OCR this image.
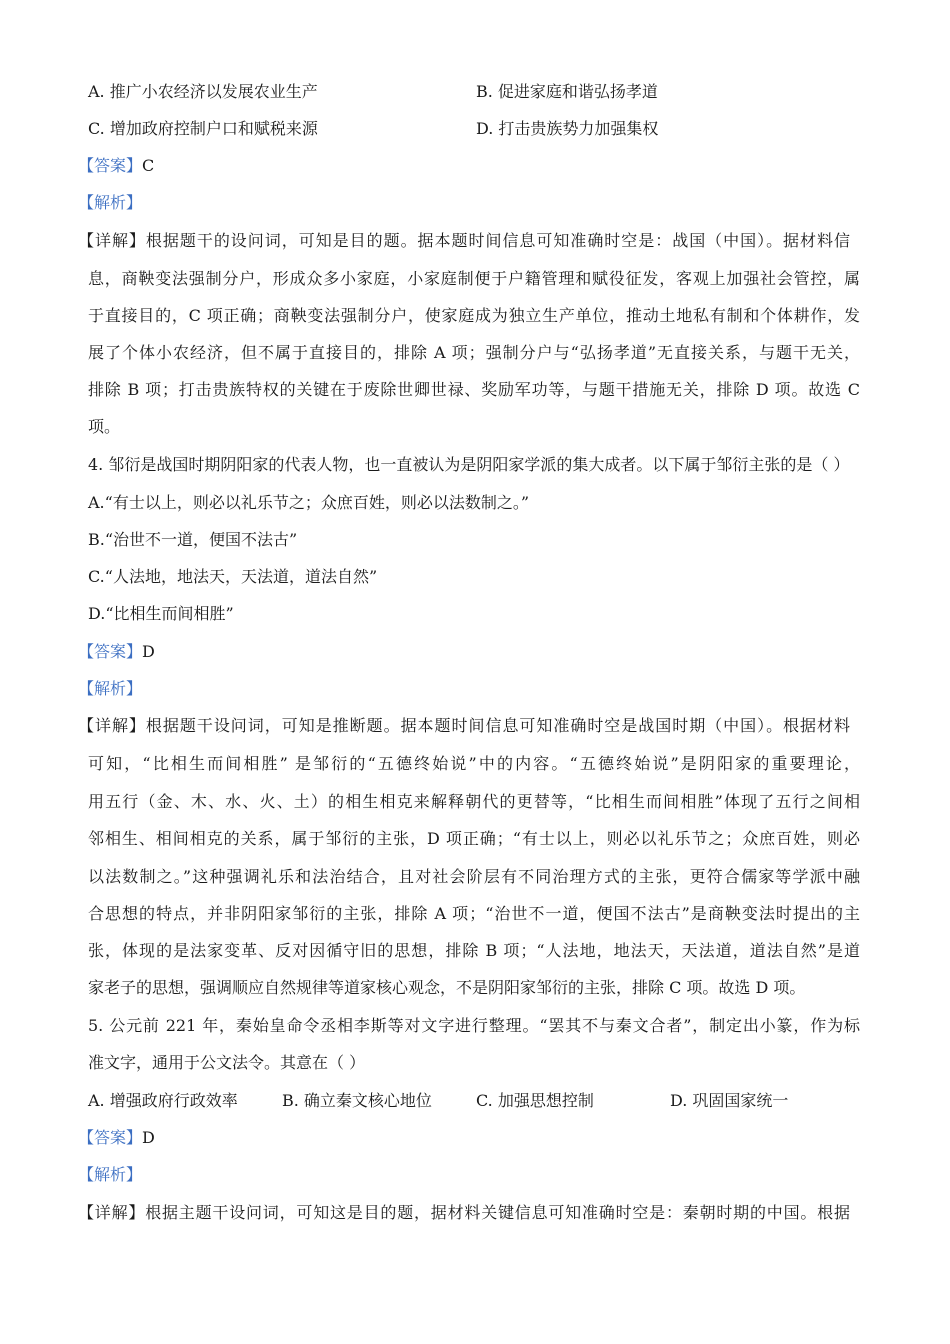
A. 推广小农经济以发展农业生产	B. 促进家庭和谐弘扬孝道
C. 增加政府控制户口和赋税来源	D. 打击贵族势力加强集权
【答案】C
【解析】
【详解】根据题干的设问词，可知是目的题。据本题时间信息可知准确时空是：战国（中国）。据材料信
息，商鞅变法强制分户，形成众多小家庭，小家庭制便于户籍管理和赋役征发，客观上加强社会管控，属
于直接目的，C 项正确；商鞅变法强制分户，使家庭成为独立生产单位，推动土地私有制和个体耕作，发
展了个体小农经济，但不属于直接目的，排除 A 项；强制分户与“弘扬孝道”无直接关系，与题干无关，
排除 B 项；打击贵族特权的关键在于废除世卿世禄、奖励军功等，与题干措施无关，排除 D 项。故选 C
项。
4. 邹衍是战国时期阴阳家的代表人物，也一直被认为是阴阳家学派的集大成者。以下属于邹衍主张的是（ ）
A.“有士以上，则必以礼乐节之；众庶百姓，则必以法数制之。”
B.“治世不一道，便国不法古”
C.“人法地，地法天，天法道，道法自然”
D.“比相生而间相胜”
【答案】D
【解析】
【详解】根据题干设问词，可知是推断题。据本题时间信息可知准确时空是战国时期（中国）。根据材料
可知，“比相生而间相胜” 是邹衍的“五德终始说”中的内容。“五德终始说”是阴阳家的重要理论，
用五行（金、木、水、火、土）的相生相克来解释朝代的更替等，“比相生而间相胜”体现了五行之间相
邻相生、相间相克的关系，属于邹衍的主张，D 项正确；“有士以上，则必以礼乐节之；众庶百姓，则必
以法数制之。”这种强调礼乐和法治结合，且对社会阶层有不同治理方式的主张，更符合儒家等学派中融
合思想的特点，并非阴阳家邹衍的主张，排除 A 项；“治世不一道，便国不法古”是商鞅变法时提出的主
张，体现的是法家变革、反对因循守旧的思想，排除 B 项；“人法地，地法天，天法道，道法自然”是道
家老子的思想，强调顺应自然规律等道家核心观念，不是阴阳家邹衍的主张，排除 C 项。故选 D 项。
5. 公元前 221 年，秦始皇命令丞相李斯等对文字进行整理。“罢其不与秦文合者”，制定出小篆，作为标
准文字，通用于公文法令。其意在（ ）
A. 增强政府行政效率	B. 确立秦文核心地位	C. 加强思想控制	D. 巩固国家统一
【答案】D
【解析】
【详解】根据主题干设问词，可知这是目的题，据材料关键信息可知准确时空是：秦朝时期的中国。根据
